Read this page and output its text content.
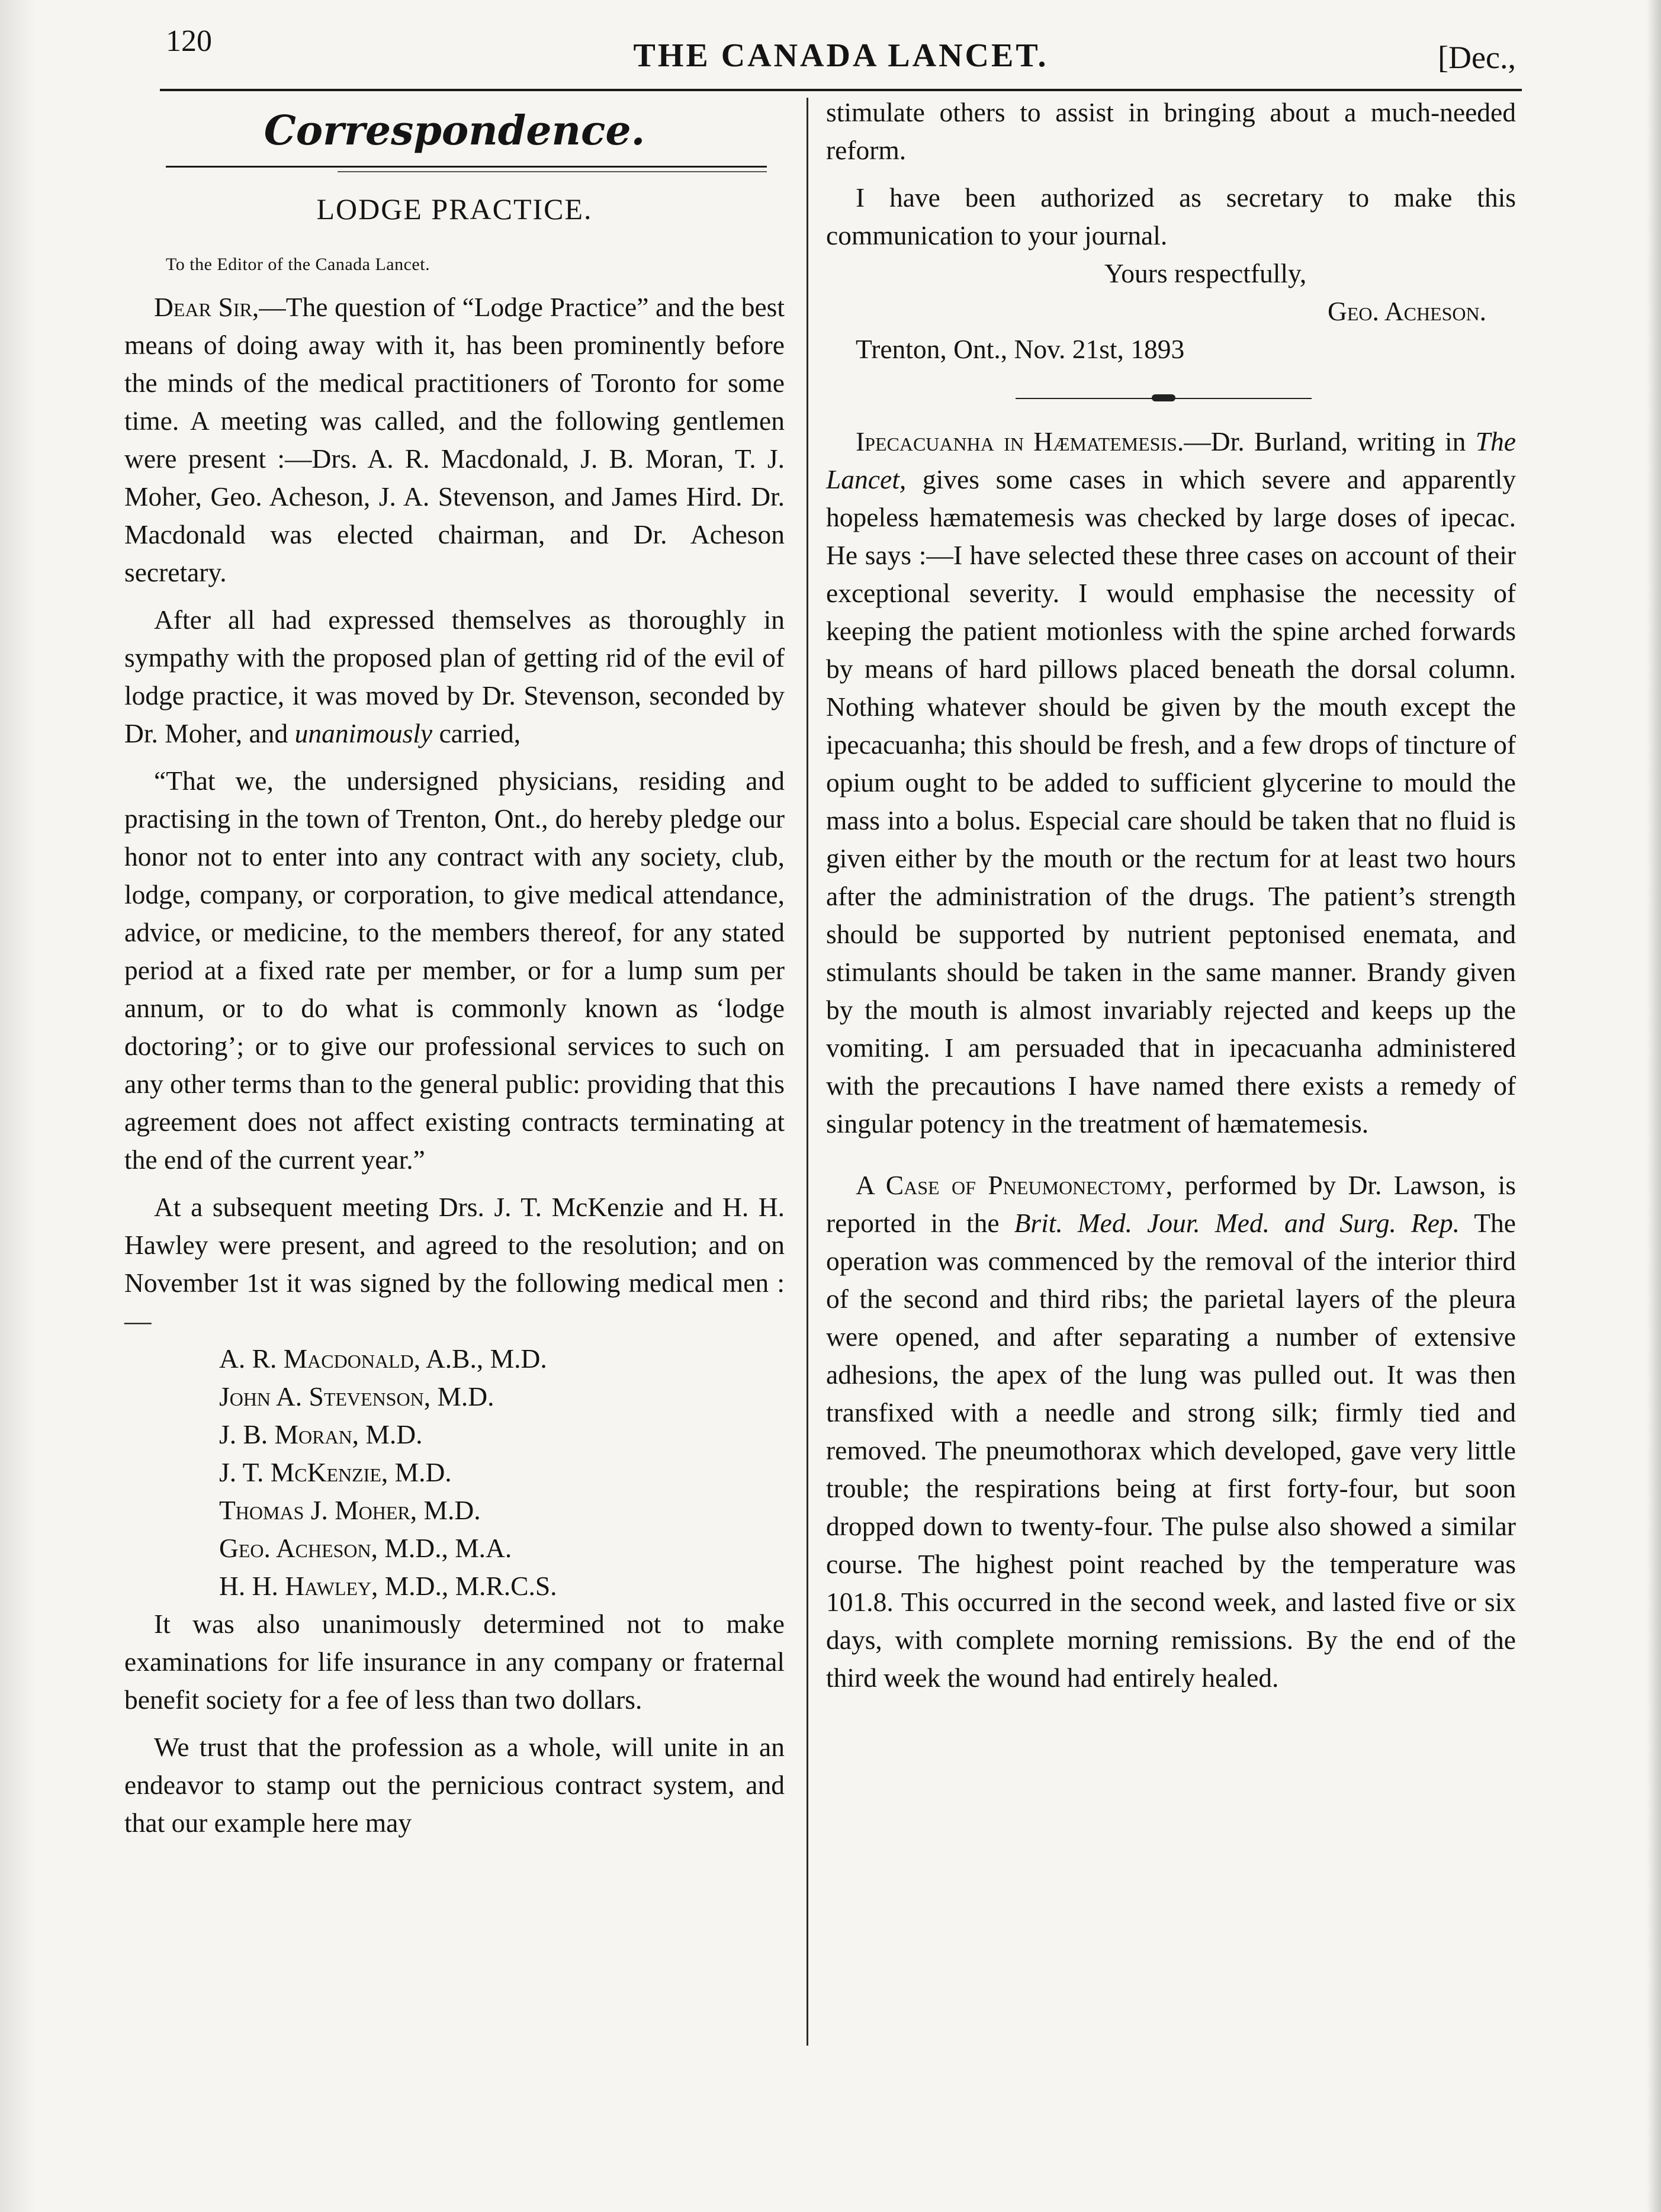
120	THE CANADA LANCET.	[Dec.,
Correspondence.
LODGE PRACTICE.
To the Editor of the Canada Lancet.

Dear Sir,—The question of “Lodge Practice” and the best means of doing away with it, has been prominently before the minds of the medical practitioners of Toronto for some time. A meeting was called, and the following gentlemen were present :—Drs. A. R. Macdonald, J. B. Moran, T. J. Moher, Geo. Acheson, J. A. Stevenson, and James Hird. Dr. Macdonald was elected chairman, and Dr. Acheson secretary.

After all had expressed themselves as thoroughly in sympathy with the proposed plan of getting rid of the evil of lodge practice, it was moved by Dr. Stevenson, seconded by Dr. Moher, and unanimously carried,

“That we, the undersigned physicians, residing and practising in the town of Trenton, Ont., do hereby pledge our honor not to enter into any contract with any society, club, lodge, company, or corporation, to give medical attendance, advice, or medicine, to the members thereof, for any stated period at a fixed rate per member, or for a lump sum per annum, or to do what is commonly known as ‘lodge doctoring’; or to give our professional services to such on any other terms than to the general public: providing that this agreement does not affect existing contracts terminating at the end of the current year.”

At a subsequent meeting Drs. J. T. McKenzie and H. H. Hawley were present, and agreed to the resolution; and on November 1st it was signed by the following medical men :—

A. R. Macdonald, A.B., M.D.
John A. Stevenson, M.D.
J. B. Moran, M.D.
J. T. McKenzie, M.D.
Thomas J. Moher, M.D.
Geo. Acheson, M.D., M.A.
H. H. Hawley, M.D., M.R.C.S.

It was also unanimously determined not to make examinations for life insurance in any company or fraternal benefit society for a fee of less than two dollars.

We trust that the profession as a whole, will unite in an endeavor to stamp out the pernicious contract system, and that our example here may

stimulate others to assist in bringing about a much-needed reform.

I have been authorized as secretary to make this communication to your journal.

Yours respectfully,
Geo. Acheson.

Trenton, Ont., Nov. 21st, 1893

Ipecacuanha in Hæmatemesis.—Dr. Burland, writing in The Lancet, gives some cases in which severe and apparently hopeless hæmatemesis was checked by large doses of ipecac. He says :—I have selected these three cases on account of their exceptional severity. I would emphasise the necessity of keeping the patient motionless with the spine arched forwards by means of hard pillows placed beneath the dorsal column. Nothing whatever should be given by the mouth except the ipecacuanha; this should be fresh, and a few drops of tincture of opium ought to be added to sufficient glycerine to mould the mass into a bolus. Especial care should be taken that no fluid is given either by the mouth or the rectum for at least two hours after the administration of the drugs. The patient’s strength should be supported by nutrient peptonised enemata, and stimulants should be taken in the same manner. Brandy given by the mouth is almost invariably rejected and keeps up the vomiting. I am persuaded that in ipecacuanha administered with the precautions I have named there exists a remedy of singular potency in the treatment of hæmatemesis.

A Case of Pneumonectomy, performed by Dr. Lawson, is reported in the Brit. Med. Jour. Med. and Surg. Rep. The operation was commenced by the removal of the interior third of the second and third ribs; the parietal layers of the pleura were opened, and after separating a number of extensive adhesions, the apex of the lung was pulled out. It was then transfixed with a needle and strong silk; firmly tied and removed. The pneumothorax which developed, gave very little trouble; the respirations being at first forty-four, but soon dropped down to twenty-four. The pulse also showed a similar course. The highest point reached by the temperature was 101.8. This occurred in the second week, and lasted five or six days, with complete morning remissions. By the end of the third week the wound had entirely healed.
